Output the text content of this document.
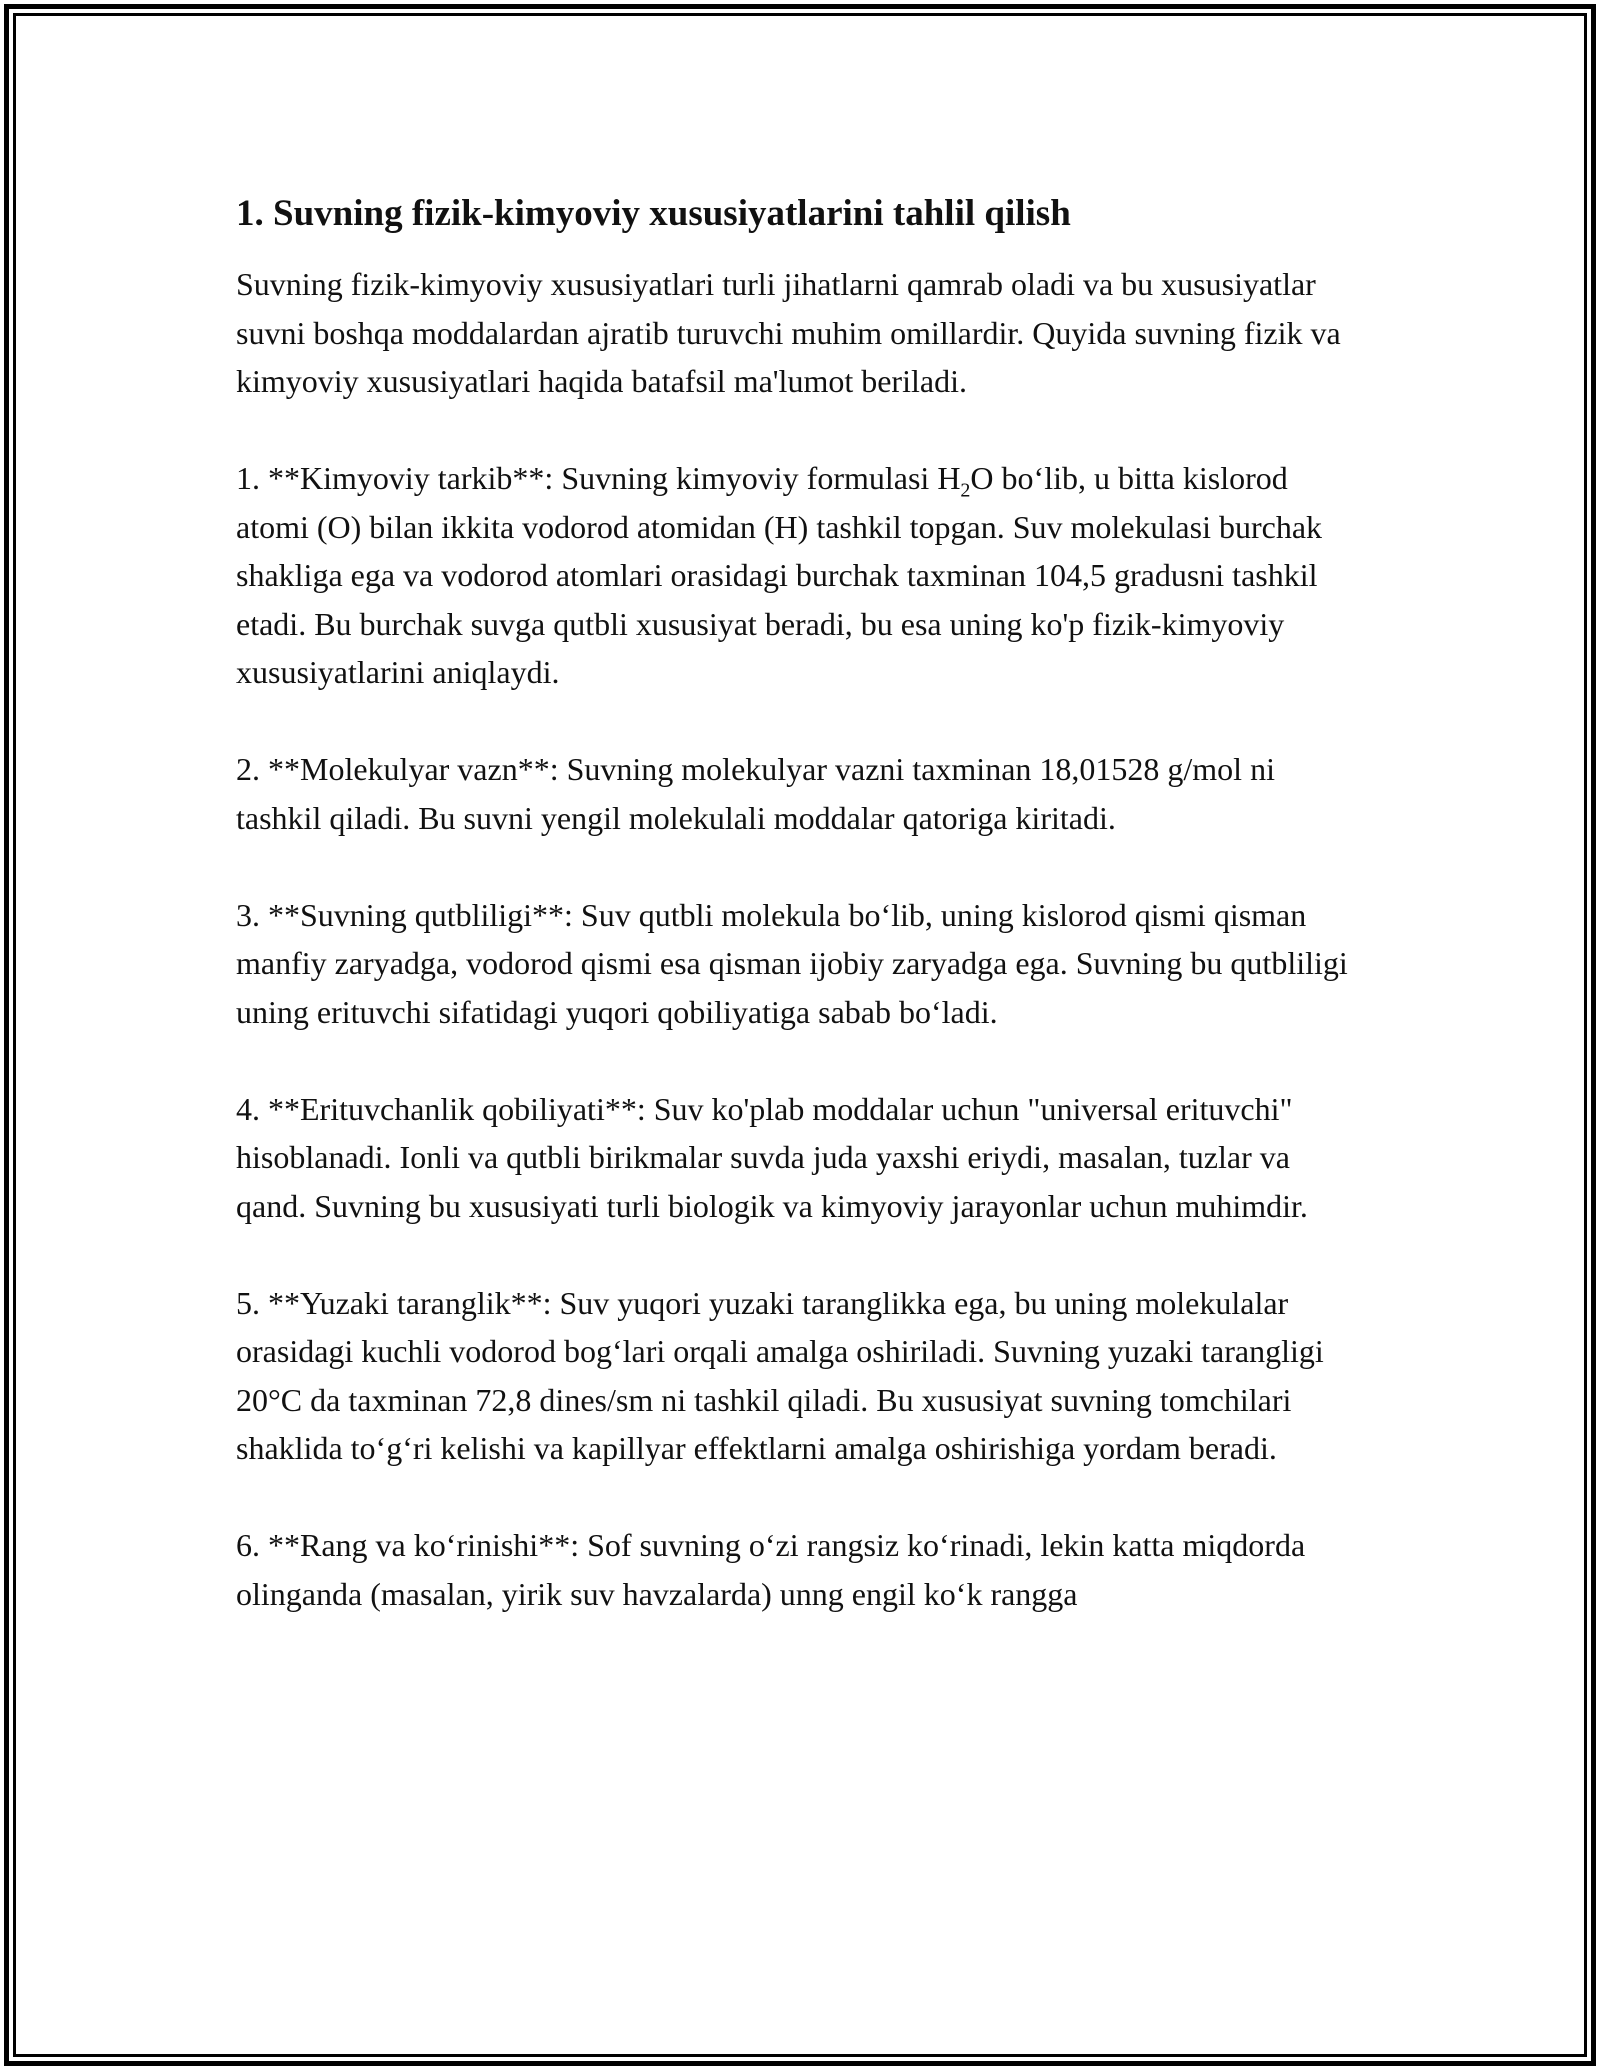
1. Suvning fizik-kimyoviy xususiyatlarini tahlil qilish

Suvning fizik-kimyoviy xususiyatlari turli jihatlarni qamrab oladi va bu xususiyatlar suvni boshqa moddalardan ajratib turuvchi muhim omillardir. Quyida suvning fizik va kimyoviy xususiyatlari haqida batafsil ma'lumot beriladi.

1. **Kimyoviy tarkib**: Suvning kimyoviy formulasi $H_2O$ bo‘lib, u bitta kislorod atomi (O) bilan ikkita vodorod atomidan (H) tashkil topgan. Suv molekulasi burchak shakliga ega va vodorod atomlari orasidagi burchak taxminan 104,5 gradusni tashkil etadi. Bu burchak suvga qutbli xususiyat beradi, bu esa uning ko'p fizik-kimyoviy xususiyatlarini aniqlaydi.

2. **Molekulyar vazn**: Suvning molekulyar vazni taxminan 18,01528 g/mol ni tashkil qiladi. Bu suvni yengil molekulali moddalar qatoriga kiritadi.

3. **Suvning qutbliligi**: Suv qutbli molekula bo‘lib, uning kislorod qismi qisman manfiy zaryadga, vodorod qismi esa qisman ijobiy zaryadga ega. Suvning bu qutbliligi uning erituvchi sifatidagi yuqori qobiliyatiga sabab bo‘ladi.

4. **Erituvchanlik qobiliyati**: Suv ko'plab moddalar uchun "universal erituvchi" hisoblanadi. Ionli va qutbli birikmalar suvda juda yaxshi eriydi, masalan, tuzlar va qand. Suvning bu xususiyati turli biologik va kimyoviy jarayonlar uchun muhimdir.

5. **Yuzaki taranglik**: Suv yuqori yuzaki taranglikka ega, bu uning molekulalar orasidagi kuchli vodorod bog‘lari orqali amalga oshiriladi. Suvning yuzaki tarangligi 20°C da taxminan 72,8 dines/sm ni tashkil qiladi. Bu xususiyat suvning tomchilari shaklida to‘g‘ri kelishi va kapillyar effektlarni amalga oshirishiga yordam beradi.

6. **Rang va ko‘rinishi**: Sof suvning o‘zi rangsiz ko‘rinadi, lekin katta miqdorda olinganda (masalan, yirik suv havzalarda) unng engil ko‘k rangga
